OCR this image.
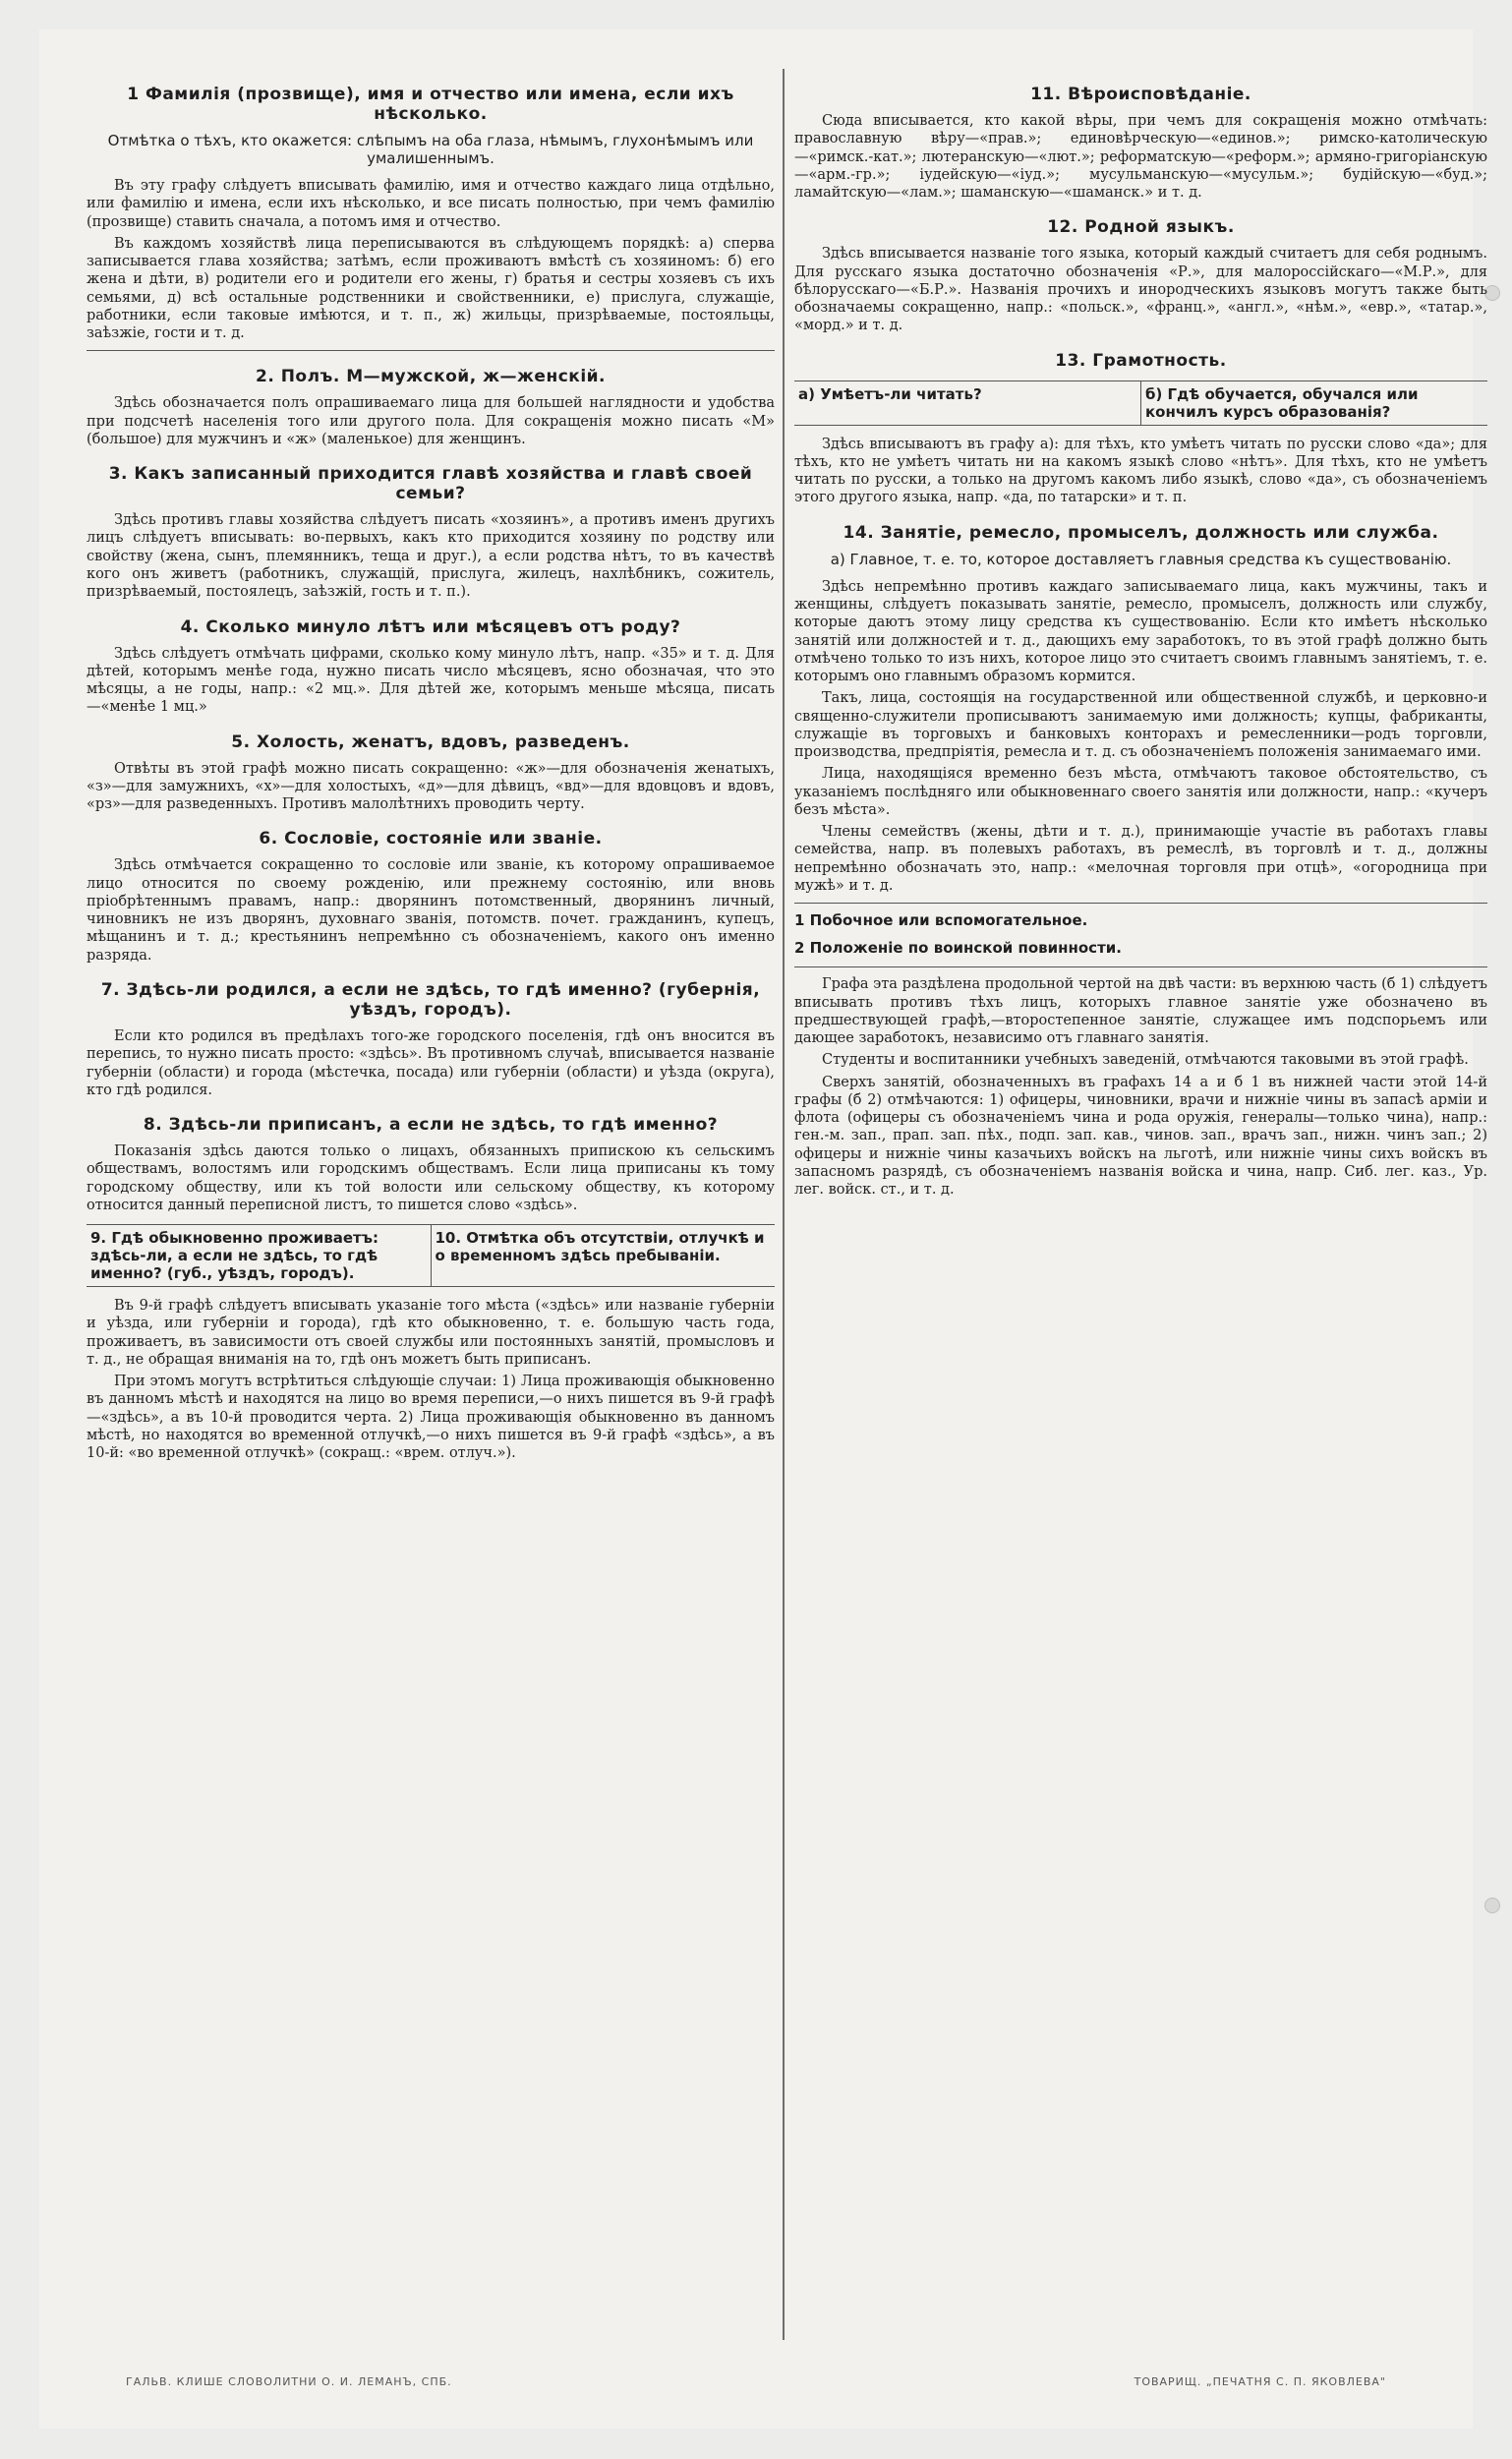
1 Фамилія (прозвище), имя и отчество или имена, если ихъ нѣсколько.
Отмѣтка о тѣхъ, кто окажется: слѣпымъ на оба глаза, нѣмымъ, глухонѣмымъ или умалишеннымъ.

Въ эту графу слѣдуетъ вписывать фамилію, имя и отчество каждаго лица отдѣльно, или фамилію и имена, если ихъ нѣсколько, и все писать полностью, при чемъ фамилію (прозвище) ставить сначала, а потомъ имя и отчество.

Въ каждомъ хозяйствѣ лица переписываются въ слѣдующемъ порядкѣ: а) сперва записывается глава хозяйства; затѣмъ, если проживаютъ вмѣстѣ съ хозяиномъ: б) его жена и дѣти, в) родители его и родители его жены, г) братья и сестры хозяевъ съ ихъ семьями, д) всѣ остальные родственники и свойственники, е) прислуга, служащіе, работники, если таковые имѣются, и т. п., ж) жильцы, призрѣваемые, постояльцы, заѣзжіе, гости и т. д.

2. Полъ. М—мужской, ж—женскій.

Здѣсь обозначается полъ опрашиваемаго лица для большей наглядности и удобства при подсчетѣ населенія того или другого пола. Для сокращенія можно писать «М» (большое) для мужчинъ и «ж» (маленькое) для женщинъ.

3. Какъ записанный приходится главѣ хозяйства и главѣ своей семьи?

Здѣсь противъ главы хозяйства слѣдуетъ писать «хозяинъ», а противъ именъ другихъ лицъ слѣдуетъ вписывать: во-первыхъ, какъ кто приходится хозяину по родству или свойству (жена, сынъ, племянникъ, теща и друг.), а если родства нѣтъ, то въ качествѣ кого онъ живетъ (работникъ, служащій, прислуга, жилецъ, нахлѣбникъ, сожитель, призрѣваемый, постоялецъ, заѣзжій, гость и т. п.).

4. Сколько минуло лѣтъ или мѣсяцевъ отъ роду?

Здѣсь слѣдуетъ отмѣчать цифрами, сколько кому минуло лѣтъ, напр. «35» и т. д. Для дѣтей, которымъ менѣе года, нужно писать число мѣсяцевъ, ясно обозначая, что это мѣсяцы, а не годы, напр.: «2 мц.». Для дѣтей же, которымъ меньше мѣсяца, писать—«менѣе 1 мц.»

5. Холость, женатъ, вдовъ, разведенъ.

Отвѣты въ этой графѣ можно писать сокращенно: «ж»—для обозначенія женатыхъ, «з»—для замужнихъ, «х»—для холостыхъ, «д»—для дѣвицъ, «вд»—для вдовцовъ и вдовъ, «рз»—для разведенныхъ. Противъ малолѣтнихъ проводить черту.

6. Сословіе, состояніе или званіе.

Здѣсь отмѣчается сокращенно то сословіе или званіе, къ которому опрашиваемое лицо относится по своему рожденію, или прежнему состоянію, или вновь пріобрѣтеннымъ правамъ, напр.: дворянинъ потомственный, дворянинъ личный, чиновникъ не изъ дворянъ, духовнаго званія, потомств. почет. гражданинъ, купецъ, мѣщанинъ и т. д.; крестьянинъ непремѣнно съ обозначеніемъ, какого онъ именно разряда.

7. Здѣсь-ли родился, а если не здѣсь, то гдѣ именно? (губернія, уѣздъ, городъ).

Если кто родился въ предѣлахъ того-же городского поселенія, гдѣ онъ вносится въ перепись, то нужно писать просто: «здѣсь». Въ противномъ случаѣ, вписывается названіе губерніи (области) и города (мѣстечка, посада) или губерніи (области) и уѣзда (округа), кто гдѣ родился.

8. Здѣсь-ли приписанъ, а если не здѣсь, то гдѣ именно?

Показанія здѣсь даются только о лицахъ, обязанныхъ припискою къ сельскимъ обществамъ, волостямъ или городскимъ обществамъ. Если лица приписаны къ тому городскому обществу, или къ той волости или сельскому обществу, къ которому относится данный переписной листъ, то пишется слово «здѣсь».

9. Гдѣ обыкновенно проживаетъ: здѣсь-ли, а если не здѣсь, то гдѣ именно? (губ., уѣздъ, городъ).
10. Отмѣтка объ отсутствіи, отлучкѣ и о временномъ здѣсь пребываніи.

Въ 9-й графѣ слѣдуетъ вписывать указаніе того мѣста («здѣсь» или названіе губерніи и уѣзда, или губерніи и города), гдѣ кто обыкновенно, т. е. большую часть года, проживаетъ, въ зависимости отъ своей службы или постоянныхъ занятій, промысловъ и т. д., не обращая вниманія на то, гдѣ онъ можетъ быть приписанъ.

При этомъ могутъ встрѣтиться слѣдующіе случаи: 1) Лица проживающія обыкновенно въ данномъ мѣстѣ и находятся на лицо во время переписи,—о нихъ пишется въ 9-й графѣ—«здѣсь», а въ 10-й проводится черта. 2) Лица проживающія обыкновенно въ данномъ мѣстѣ, но находятся во временной отлучкѣ,—о нихъ пишется въ 9-й графѣ «здѣсь», а въ 10-й: «во временной отлучкѣ» (сокращ.: «врем. отлуч.»).

11. Вѣроисповѣданіе.

Сюда вписывается, кто какой вѣры, при чемъ для сокращенія можно отмѣчать: православную вѣру—«прав.»; единовѣрческую—«единов.»; римско-католическую—«римск.-кат.»; лютеранскую—«лют.»; реформатскую—«реформ.»; армяно-григоріанскую—«арм.-гр.»; іудейскую—«іуд.»; мусульманскую—«мусульм.»; будійскую—«буд.»; ламайтскую—«лам.»; шаманскую—«шаманск.» и т. д.

12. Родной языкъ.

Здѣсь вписывается названіе того языка, который каждый считаетъ для себя роднымъ. Для русскаго языка достаточно обозначенія «Р.», для малороссійскаго—«М.Р.», для бѣлорусскаго—«Б.Р.». Названія прочихъ и инородческихъ языковъ могутъ также быть обозначаемы сокращенно, напр.: «польск.», «франц.», «англ.», «нѣм.», «евр.», «татар.», «морд.» и т. д.

13. Грамотность.
а) Умѣетъ-ли читать?	б) Гдѣ обучается, обучался или кончилъ курсъ образованія?

Здѣсь вписываютъ въ графу а): для тѣхъ, кто умѣетъ читать по русски слово «да»; для тѣхъ, кто не умѣетъ читать ни на какомъ языкѣ слово «нѣтъ». Для тѣхъ, кто не умѣетъ читать по русски, а только на другомъ какомъ либо языкѣ, слово «да», съ обозначеніемъ этого другого языка, напр. «да, по татарски» и т. п.

14. Занятіе, ремесло, промыселъ, должность или служба.
а) Главное, т. е. то, которое доставляетъ главныя средства къ существованію.

Здѣсь непремѣнно противъ каждаго записываемаго лица, какъ мужчины, такъ и женщины, слѣдуетъ показывать занятіе, ремесло, промыселъ, должность или службу, которые даютъ этому лицу средства къ существованію. Если кто имѣетъ нѣсколько занятій или должностей и т. д., дающихъ ему заработокъ, то въ этой графѣ должно быть отмѣчено только то изъ нихъ, которое лицо это считаетъ своимъ главнымъ занятіемъ, т. е. которымъ оно главнымъ образомъ кормится.

Такъ, лица, состоящія на государственной или общественной службѣ, и церковно-и священно-служители прописываютъ занимаемую ими должность; купцы, фабриканты, служащіе въ торговыхъ и банковыхъ конторахъ и ремесленники—родъ торговли, производства, предпріятія, ремесла и т. д. съ обозначеніемъ положенія занимаемаго ими.

Лица, находящіяся временно безъ мѣста, отмѣчаютъ таковое обстоятельство, съ указаніемъ послѣдняго или обыкновеннаго своего занятія или должности, напр.: «кучеръ безъ мѣста».

Члены семействъ (жены, дѣти и т. д.), принимающіе участіе въ работахъ главы семейства, напр. въ полевыхъ работахъ, въ ремеслѣ, въ торговлѣ и т. д., должны непремѣнно обозначать это, напр.: «мелочная торговля при отцѣ», «огородница при мужѣ» и т. д.

1 Побочное или вспомогательное.
2 Положеніе по воинской повинности.

Графа эта раздѣлена продольной чертой на двѣ части: въ верхнюю часть (б 1) слѣдуетъ вписывать противъ тѣхъ лицъ, которыхъ главное занятіе уже обозначено въ предшествующей графѣ,—второстепенное занятіе, служащее имъ подспорьемъ или дающее заработокъ, независимо отъ главнаго занятія.

Студенты и воспитанники учебныхъ заведеній, отмѣчаются таковыми въ этой графѣ.

Сверхъ занятій, обозначенныхъ въ графахъ 14 а и б 1 въ нижней части этой 14-й графы (б 2) отмѣчаются: 1) офицеры, чиновники, врачи и нижніе чины въ запасѣ арміи и флота (офицеры съ обозначеніемъ чина и рода оружія, генералы—только чина), напр.: ген.-м. зап., прап. зап. пѣх., подп. зап. кав., чинов. зап., врачъ зап., нижн. чинъ зап.; 2) офицеры и нижніе чины казачьихъ войскъ на льготѣ, или нижніе чины сихъ войскъ въ запасномъ разрядѣ, съ обозначеніемъ названія войска и чина, напр. Сиб. лег. каз., Ур. лег. войск. ст., и т. д.

ГАЛЬВ. КЛИШЕ СЛОВОЛИТНИ О. И. ЛЕМАНЪ, СПБ.	ТОВАРИЩ. „ПЕЧАТНЯ С. П. ЯКОВЛЕВА"
